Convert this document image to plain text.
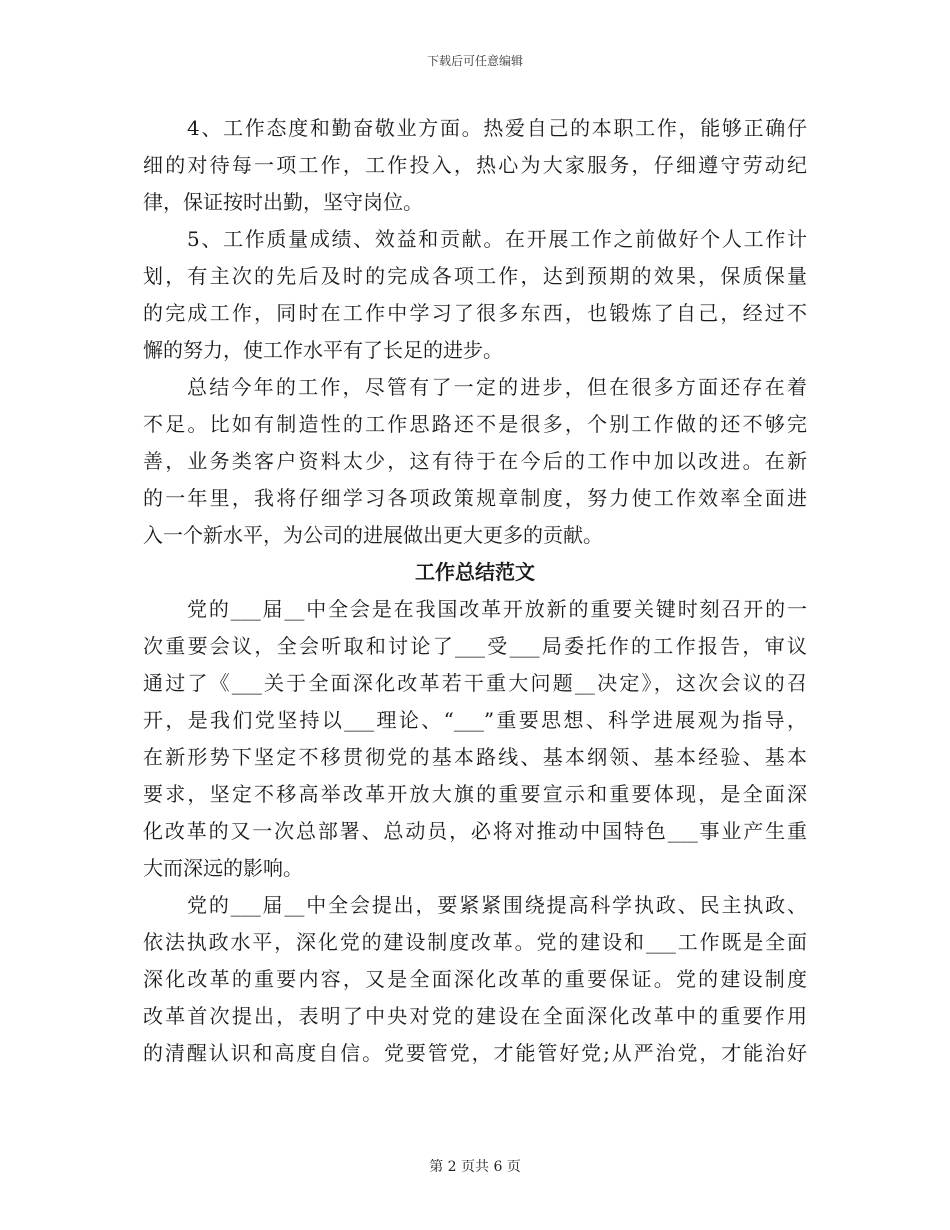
下载后可任意编辑
4、工作态度和勤奋敬业方面。热爱自己的本职工作，能够正确仔
细的对待每一项工作，工作投入，热心为大家服务，仔细遵守劳动纪
律，保证按时出勤，坚守岗位。
5、工作质量成绩、效益和贡献。在开展工作之前做好个人工作计
划，有主次的先后及时的完成各项工作，达到预期的效果，保质保量
的完成工作，同时在工作中学习了很多东西，也锻炼了自己，经过不
懈的努力，使工作水平有了长足的进步。
总结今年的工作，尽管有了一定的进步，但在很多方面还存在着
不足。比如有制造性的工作思路还不是很多，个别工作做的还不够完
善，业务类客户资料太少，这有待于在今后的工作中加以改进。在新
的一年里，我将仔细学习各项政策规章制度，努力使工作效率全面进
入一个新水平，为公司的进展做出更大更多的贡献。
工作总结范文
党的___届__中全会是在我国改革开放新的重要关键时刻召开的一
次重要会议，全会听取和讨论了___受___局委托作的工作报告，审议
通过了《___关于全面深化改革若干重大问题__决定》，这次会议的召
开，是我们党坚持以___理论、“___”重要思想、科学进展观为指导，
在新形势下坚定不移贯彻党的基本路线、基本纲领、基本经验、基本
要求，坚定不移高举改革开放大旗的重要宣示和重要体现，是全面深
化改革的又一次总部署、总动员，必将对推动中国特色___事业产生重
大而深远的影响。
党的___届__中全会提出，要紧紧围绕提高科学执政、民主执政、
依法执政水平，深化党的建设制度改革。党的建设和___工作既是全面
深化改革的重要内容，又是全面深化改革的重要保证。党的建设制度
改革首次提出，表明了中央对党的建设在全面深化改革中的重要作用
的清醒认识和高度自信。党要管党，才能管好党;从严治党，才能治好
第 2 页共 6 页
